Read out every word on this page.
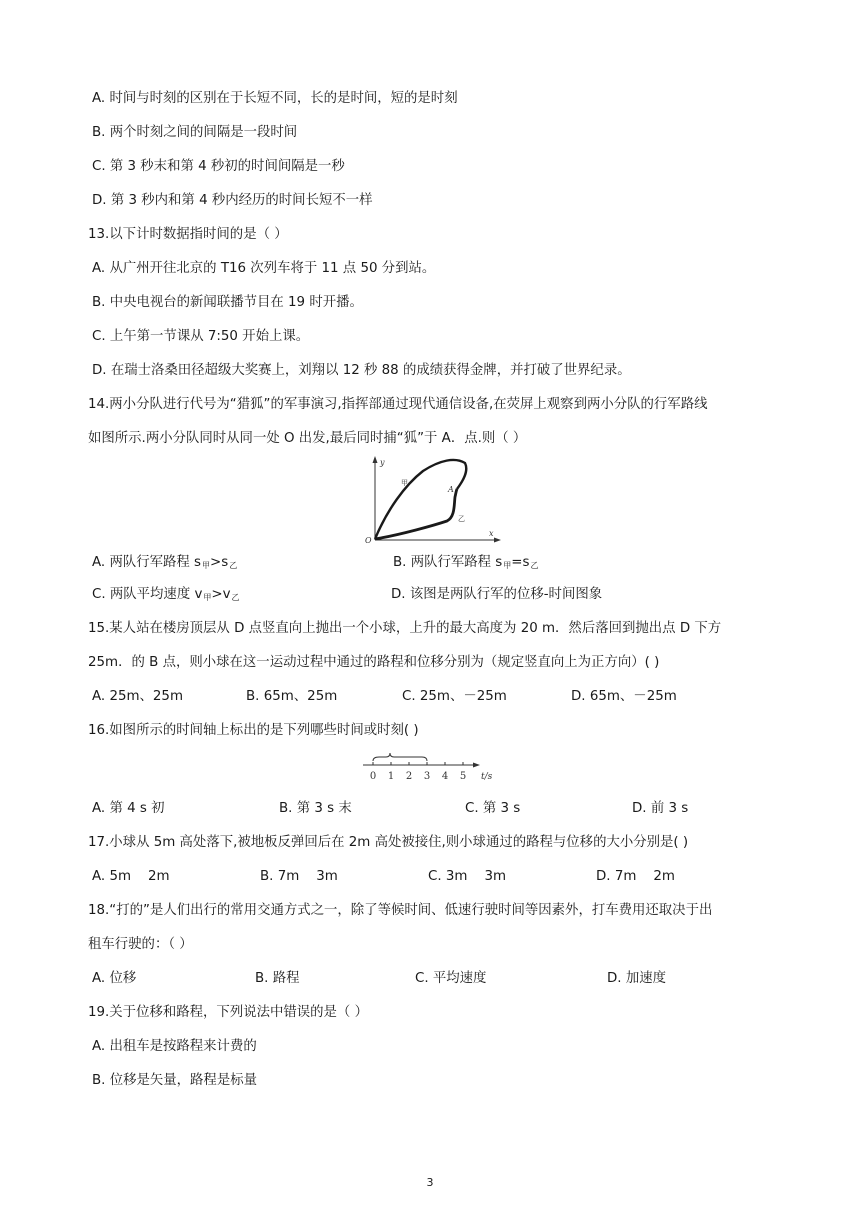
A. 时间与时刻的区别在于长短不同，长的是时间，短的是时刻
B. 两个时刻之间的间隔是一段时间
C. 第 3 秒末和第 4 秒初的时间间隔是一秒
D. 第 3 秒内和第 4 秒内经历的时间长短不一样
13.以下计时数据指时间的是（ ）
A. 从广州开往北京的 T16 次列车将于 11 点 50 分到站。
B. 中央电视台的新闻联播节目在 19 时开播。
C. 上午第一节课从 7:50 开始上课。
D. 在瑞士洛桑田径超级大奖赛上，刘翔以 12 秒 88 的成绩获得金牌，并打破了世界纪录。
14.两小分队进行代号为“猎狐”的军事演习,指挥部通过现代通信设备,在荧屏上观察到两小分队的行军路线
如图所示.两小分队同时从同一处 O 出发,最后同时捕“狐”于 A．点.则（ ）
y
x
O
A
甲
乙
A. 两队行军路程 $s_甲>s_乙$	B. 两队行军路程 $s_甲=s_乙$
C. 两队平均速度 $v_甲>v_乙$	D. 该图是两队行军的位移-时间图象
15.某人站在楼房顶层从 D 点竖直向上抛出一个小球，上升的最大高度为 20 m．然后落回到抛出点 D 下方
25m．的 B 点，则小球在这一运动过程中通过的路程和位移分别为（规定竖直向上为正方向）( )
A. 25m、25m	B. 65m、25m	C. 25m、－25m	D. 65m、－25m
16.如图所示的时间轴上标出的是下列哪些时间或时刻( )
0 1 2 3 4 5 t/s
A. 第 4 s 初	B. 第 3 s 末	C. 第 3 s	D. 前 3 s
17.小球从 5m 高处落下,被地板反弹回后在 2m 高处被接住,则小球通过的路程与位移的大小分别是( )
A. 5m    2m	B. 7m    3m	C. 3m    3m	D. 7m    2m
18.“打的”是人们出行的常用交通方式之一，除了等候时间、低速行驶时间等因素外，打车费用还取决于出
租车行驶的：（ ）
A. 位移	B. 路程	C. 平均速度	D. 加速度
19.关于位移和路程，下列说法中错误的是（ ）
A. 出租车是按路程来计费的
B. 位移是矢量，路程是标量
3
